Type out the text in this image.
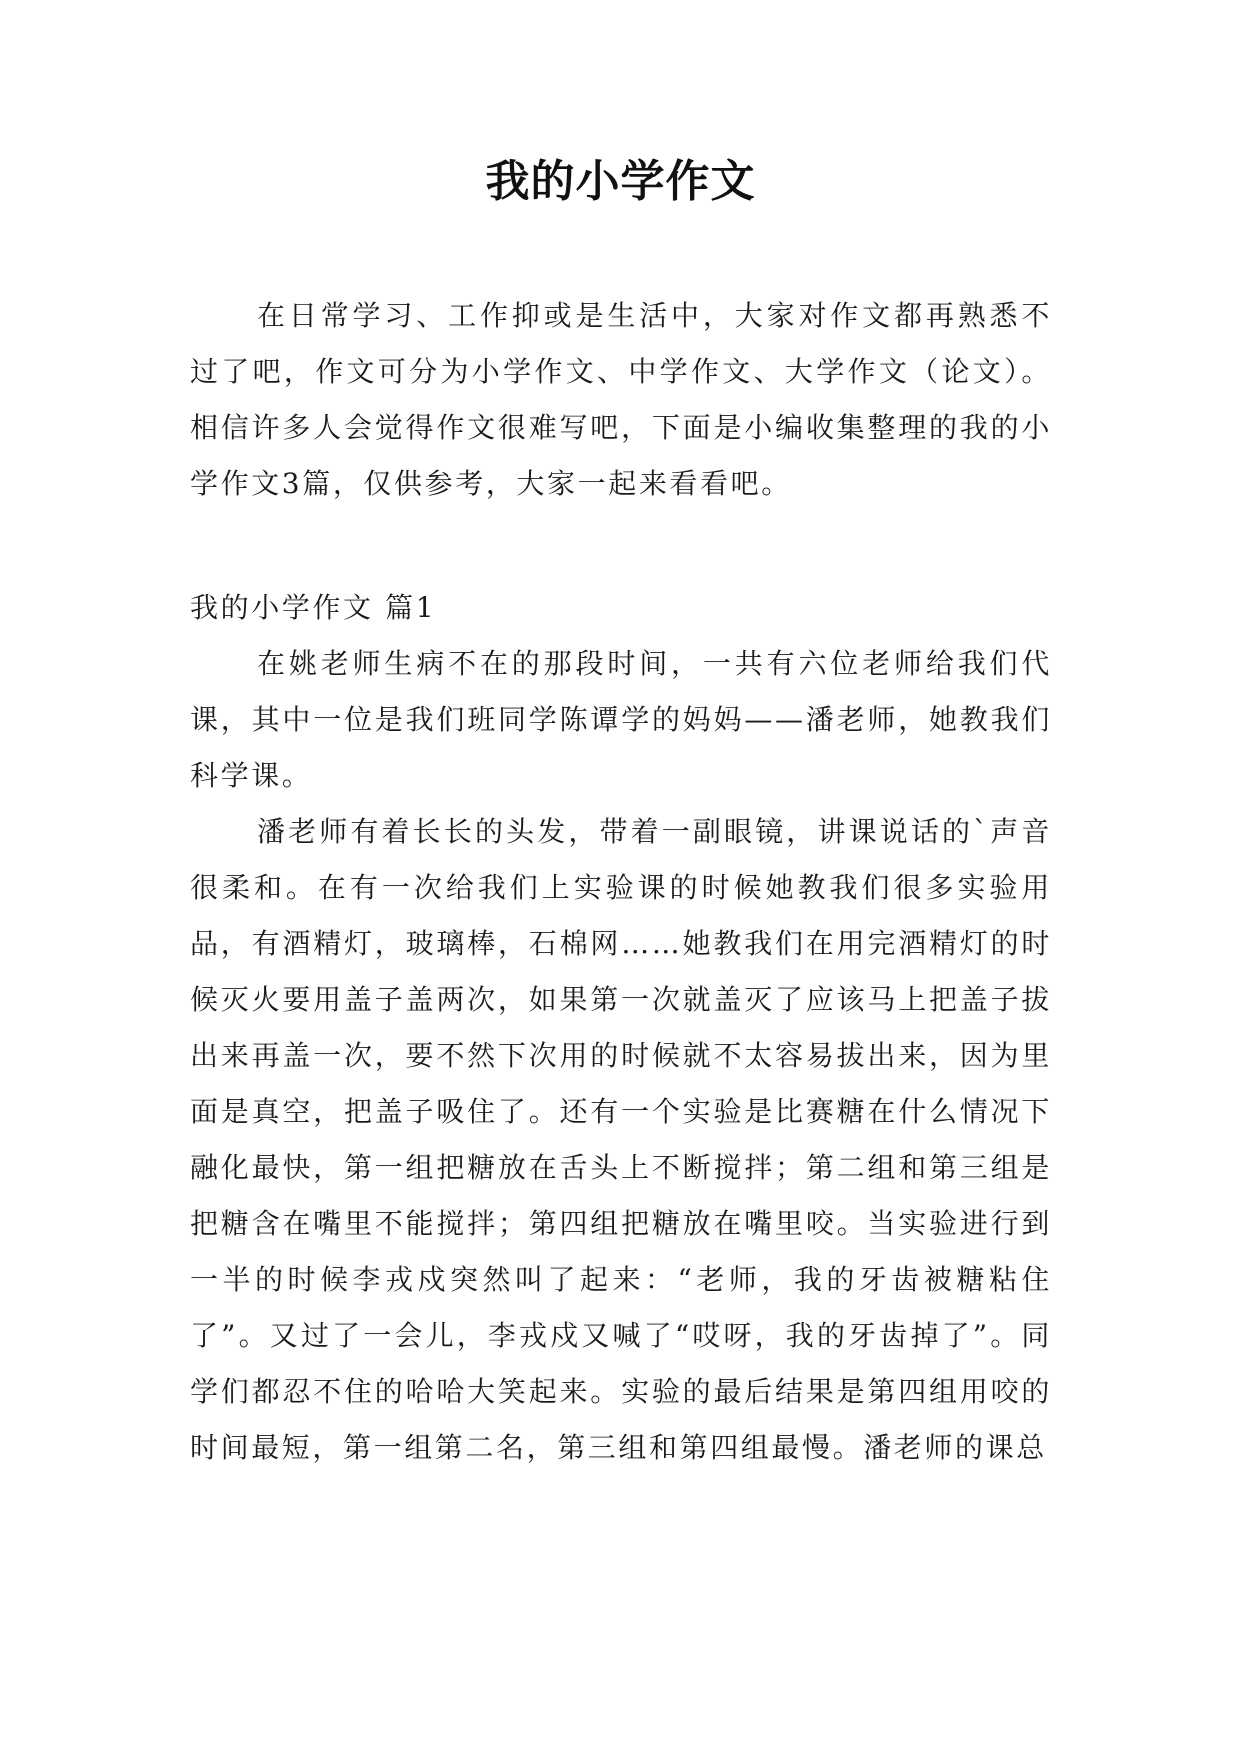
我的小学作文

在日常学习、工作抑或是生活中，大家对作文都再熟悉不过了吧，作文可分为小学作文、中学作文、大学作文（论文）。相信许多人会觉得作文很难写吧，下面是小编收集整理的我的小学作文3篇，仅供参考，大家一起来看看吧。

我的小学作文 篇1

在姚老师生病不在的那段时间，一共有六位老师给我们代课，其中一位是我们班同学陈谭学的妈妈——潘老师，她教我们科学课。

潘老师有着长长的头发，带着一副眼镜，讲课说话的`声音很柔和。在有一次给我们上实验课的时候她教我们很多实验用品，有酒精灯，玻璃棒，石棉网……她教我们在用完酒精灯的时候灭火要用盖子盖两次，如果第一次就盖灭了应该马上把盖子拔出来再盖一次，要不然下次用的时候就不太容易拔出来，因为里面是真空，把盖子吸住了。还有一个实验是比赛糖在什么情况下融化最快，第一组把糖放在舌头上不断搅拌；第二组和第三组是把糖含在嘴里不能搅拌；第四组把糖放在嘴里咬。当实验进行到一半的时候李戎戍突然叫了起来：“老师，我的牙齿被糖粘住了”。又过了一会儿，李戎戍又喊了“哎呀，我的牙齿掉了”。同学们都忍不住的哈哈大笑起来。实验的最后结果是第四组用咬的时间最短，第一组第二名，第三组和第四组最慢。潘老师的课总
